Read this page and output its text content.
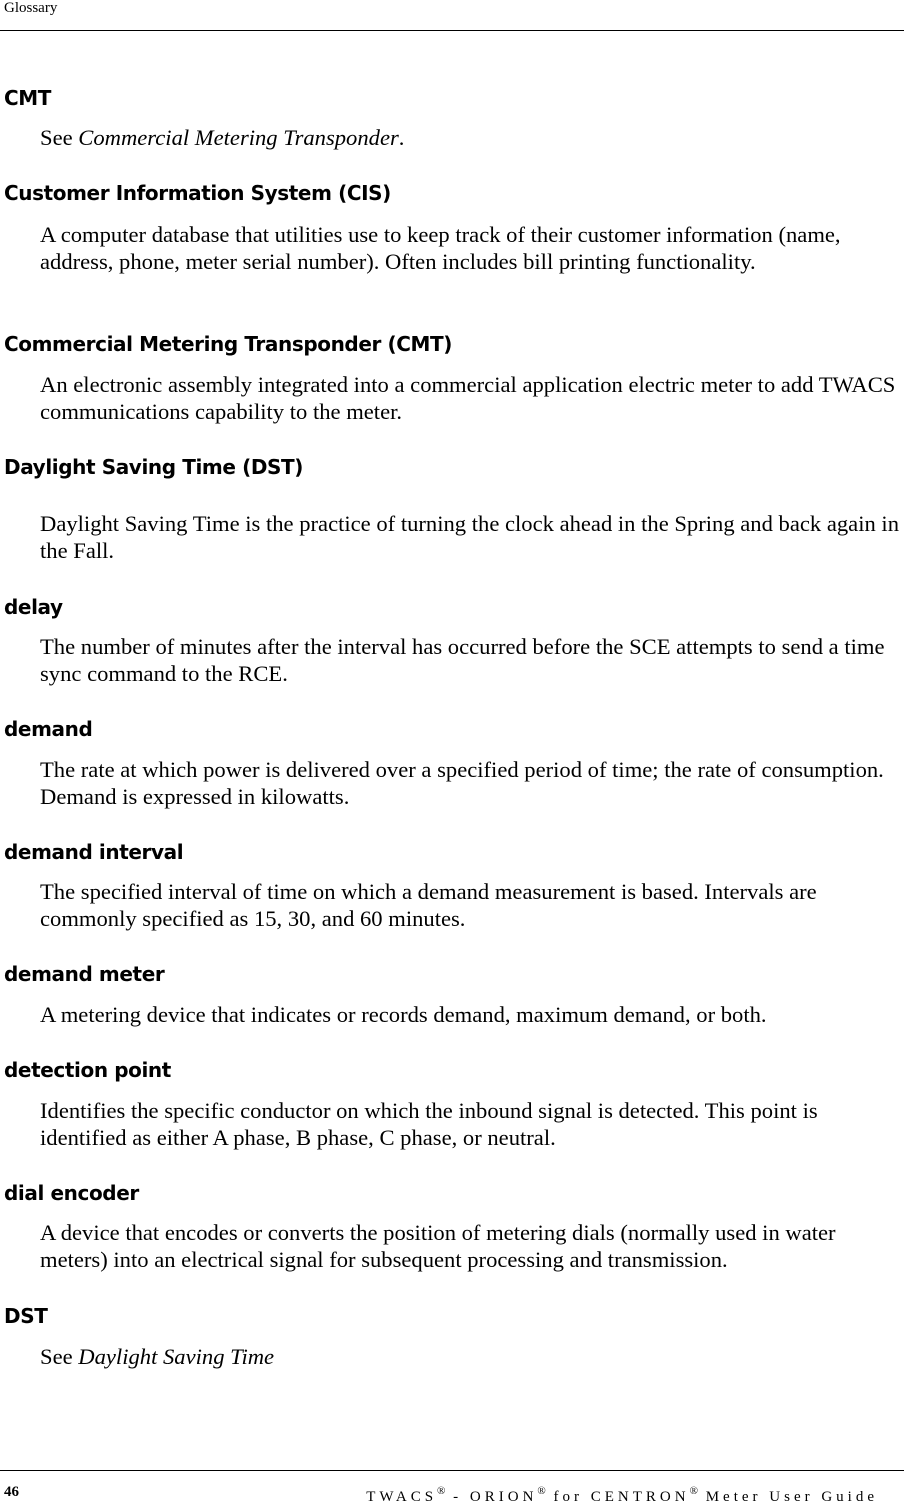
Glossary
CMT
See Commercial Metering Transponder.
Customer Information System (CIS)
A computer database that utilities use to keep track of their customer information (name, address, phone, meter serial number). Often includes bill printing functionality.
Commercial Metering Transponder (CMT)
An electronic assembly integrated into a commercial application electric meter to add TWACS communications capability to the meter.
Daylight Saving Time (DST)
Daylight Saving Time is the practice of turning the clock ahead in the Spring and back again in the Fall.
delay
The number of minutes after the interval has occurred before the SCE attempts to send a time sync command to the RCE.
demand
The rate at which power is delivered over a specified period of time; the rate of consumption. Demand is expressed in kilowatts.
demand interval
The specified interval of time on which a demand measurement is based. Intervals are commonly specified as 15, 30, and 60 minutes.
demand meter
A metering device that indicates or records demand, maximum demand, or both.
detection point
Identifies the specific conductor on which the inbound signal is detected. This point is identified as either A phase, B phase, C phase, or neutral.
dial encoder
A device that encodes or converts the position of metering dials (normally used in water meters) into an electrical signal for subsequent processing and transmission.
DST
See Daylight Saving Time
46	TWACS® - ORION® for CENTRON® Meter User Guide
